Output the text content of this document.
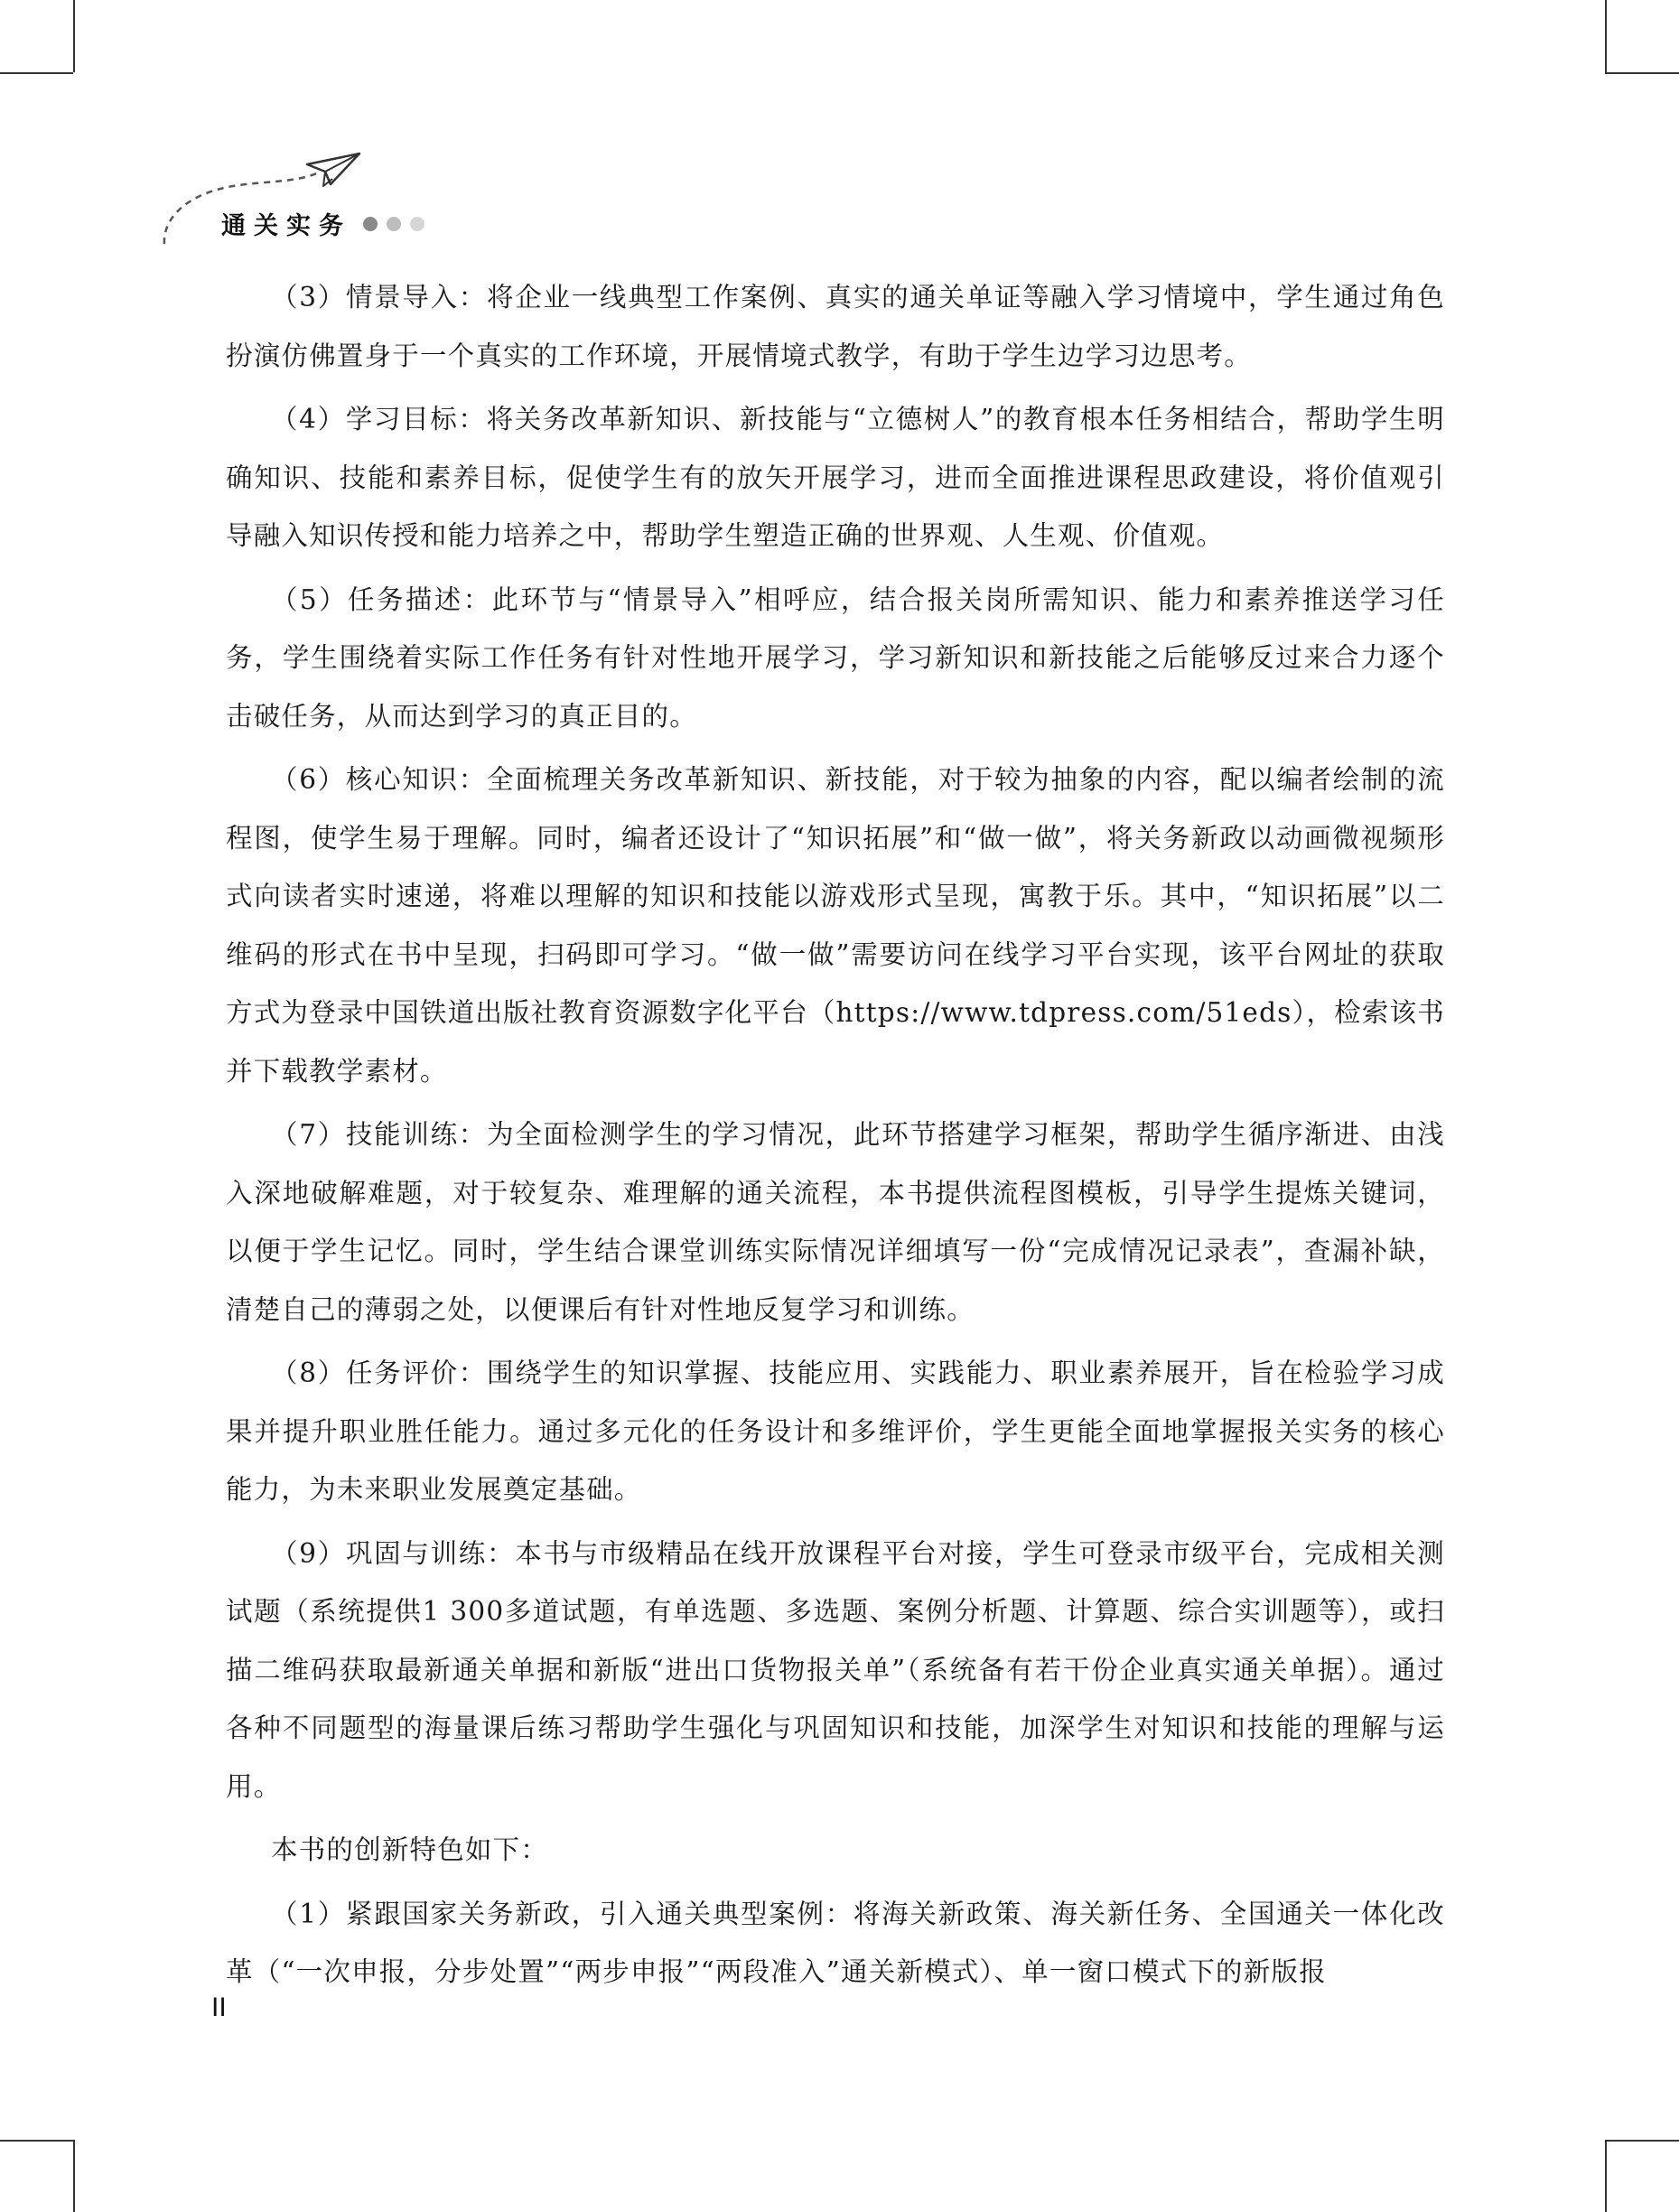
通关实务

（3）情景导入：将企业一线典型工作案例、真实的通关单证等融入学习情境中，学生通过角色扮演仿佛置身于一个真实的工作环境，开展情境式教学，有助于学生边学习边思考。

（4）学习目标：将关务改革新知识、新技能与“立德树人”的教育根本任务相结合，帮助学生明确知识、技能和素养目标，促使学生有的放矢开展学习，进而全面推进课程思政建设，将价值观引导融入知识传授和能力培养之中，帮助学生塑造正确的世界观、人生观、价值观。

（5）任务描述：此环节与“情景导入”相呼应，结合报关岗所需知识、能力和素养推送学习任务，学生围绕着实际工作任务有针对性地开展学习，学习新知识和新技能之后能够反过来合力逐个击破任务，从而达到学习的真正目的。

（6）核心知识：全面梳理关务改革新知识、新技能，对于较为抽象的内容，配以编者绘制的流程图，使学生易于理解。同时，编者还设计了“知识拓展”和“做一做”，将关务新政以动画微视频形式向读者实时速递，将难以理解的知识和技能以游戏形式呈现，寓教于乐。其中，“知识拓展”以二维码的形式在书中呈现，扫码即可学习。“做一做”需要访问在线学习平台实现，该平台网址的获取方式为登录中国铁道出版社教育资源数字化平台（https://www.tdpress.com/51eds），检索该书并下载教学素材。

（7）技能训练：为全面检测学生的学习情况，此环节搭建学习框架，帮助学生循序渐进、由浅入深地破解难题，对于较复杂、难理解的通关流程，本书提供流程图模板，引导学生提炼关键词，以便于学生记忆。同时，学生结合课堂训练实际情况详细填写一份“完成情况记录表”，查漏补缺，清楚自己的薄弱之处，以便课后有针对性地反复学习和训练。

（8）任务评价：围绕学生的知识掌握、技能应用、实践能力、职业素养展开，旨在检验学习成果并提升职业胜任能力。通过多元化的任务设计和多维评价，学生更能全面地掌握报关实务的核心能力，为未来职业发展奠定基础。

（9）巩固与训练：本书与市级精品在线开放课程平台对接，学生可登录市级平台，完成相关测试题（系统提供1 300多道试题，有单选题、多选题、案例分析题、计算题、综合实训题等），或扫描二维码获取最新通关单据和新版“进出口货物报关单”（系统备有若干份企业真实通关单据）。通过各种不同题型的海量课后练习帮助学生强化与巩固知识和技能，加深学生对知识和技能的理解与运用。

本书的创新特色如下：

（1）紧跟国家关务新政，引入通关典型案例：将海关新政策、海关新任务、全国通关一体化改革（“一次申报，分步处置”“两步申报”“两段准入”通关新模式）、单一窗口模式下的新版报

II
